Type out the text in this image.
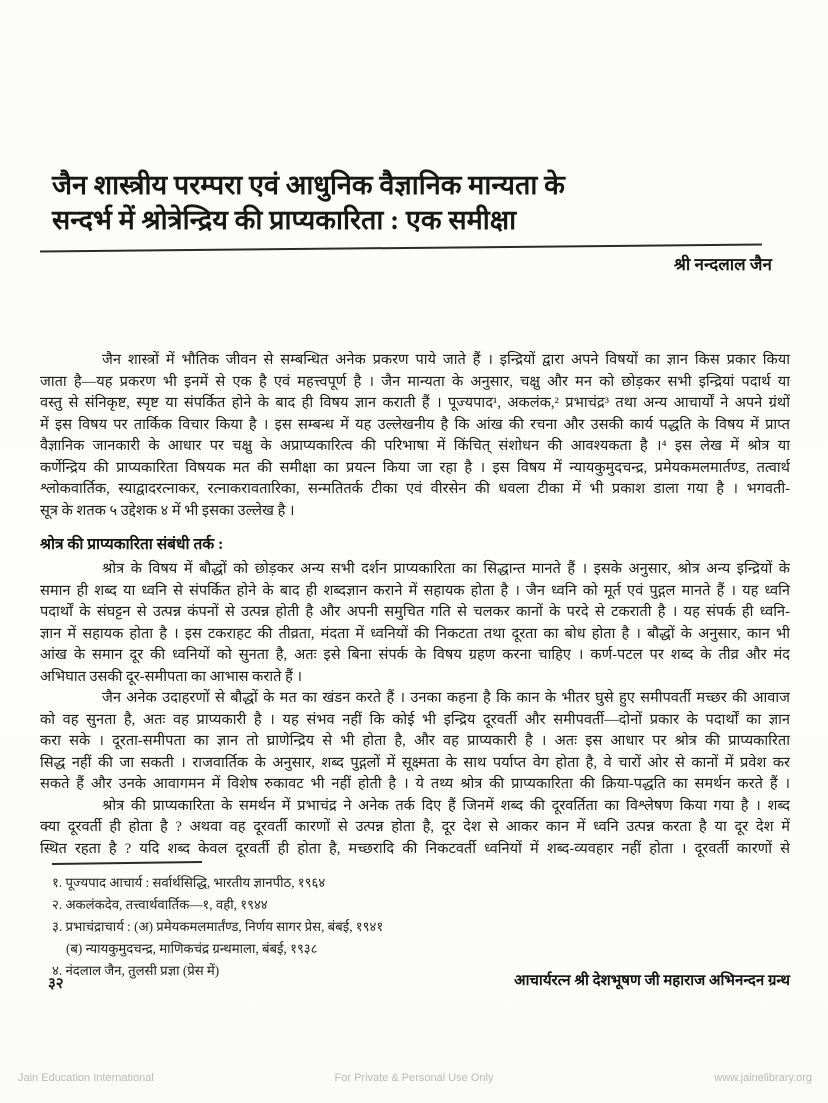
जैन शास्त्रीय परम्परा एवं आधुनिक वैज्ञानिक मान्यता के
सन्दर्भ में श्रोत्रेन्द्रिय की प्राप्यकारिता : एक समीक्षा
श्री नन्दलाल जैन
जैन शास्त्रों में भौतिक जीवन से सम्बन्धित अनेक प्रकरण पाये जाते हैं । इन्द्रियों द्वारा अपने विषयों का ज्ञान किस प्रकार किया
जाता है—यह प्रकरण भी इनमें से एक है एवं महत्त्वपूर्ण है । जैन मान्यता के अनुसार, चक्षु और मन को छोड़कर सभी इन्द्रियां पदार्थ या
वस्तु से संनिकृष्ट, स्पृष्ट या संपर्कित होने के बाद ही विषय ज्ञान कराती हैं । पूज्यपाद¹, अकलंक,² प्रभाचंद्र³ तथा अन्य आचार्यों ने अपने ग्रंथों
में इस विषय पर तार्किक विचार किया है । इस सम्बन्ध में यह उल्लेखनीय है कि आंख की रचना और उसकी कार्य पद्धति के विषय में प्राप्त
वैज्ञानिक जानकारी के आधार पर चक्षु के अप्राप्यकारित्व की परिभाषा में किंचित् संशोधन की आवश्यकता है ।⁴ इस लेख में श्रोत्र या
कर्णेन्द्रिय की प्राप्यकारिता विषयक मत की समीक्षा का प्रयत्न किया जा रहा है । इस विषय में न्यायकुमुदचन्द्र, प्रमेयकमलमार्तण्ड, तत्वार्थ
श्लोकवार्तिक, स्याद्वादरत्नाकर, रत्नाकरावतारिका, सन्मतितर्क टीका एवं वीरसेन की धवला टीका में भी प्रकाश डाला गया है । भगवती-
सूत्र के शतक ५ उद्देशक ४ में भी इसका उल्लेख है ।
श्रोत्र की प्राप्यकारिता संबंधी तर्क :
श्रोत्र के विषय में बौद्धों को छोड़कर अन्य सभी दर्शन प्राप्यकारिता का सिद्धान्त मानते हैं । इसके अनुसार, श्रोत्र अन्य इन्द्रियों के
समान ही शब्द या ध्वनि से संपर्कित होने के बाद ही शब्दज्ञान कराने में सहायक होता है । जैन ध्वनि को मूर्त एवं पुद्गल मानते हैं । यह ध्वनि
पदार्थों के संघट्टन से उत्पन्न कंपनों से उत्पन्न होती है और अपनी समुचित गति से चलकर कानों के परदे से टकराती है । यह संपर्क ही ध्वनि-
ज्ञान में सहायक होता है । इस टकराहट की तीव्रता, मंदता में ध्वनियों की निकटता तथा दूरता का बोध होता है । बौद्धों के अनुसार, कान भी
आंख के समान दूर की ध्वनियों को सुनता है, अतः इसे बिना संपर्क के विषय ग्रहण करना चाहिए । कर्ण-पटल पर शब्द के तीव्र और मंद
अभिघात उसकी दूर-समीपता का आभास कराते हैं ।
जैन अनेक उदाहरणों से बौद्धों के मत का खंडन करते हैं । उनका कहना है कि कान के भीतर घुसे हुए समीपवर्ती मच्छर की आवाज
को वह सुनता है, अतः वह प्राप्यकारी है । यह संभव नहीं कि कोई भी इन्द्रिय दूरवर्ती और समीपवर्ती—दोनों प्रकार के पदार्थों का ज्ञान
करा सके । दूरता-समीपता का ज्ञान तो घ्राणेन्द्रिय से भी होता है, और वह प्राप्यकारी है । अतः इस आधार पर श्रोत्र की प्राप्यकारिता
सिद्ध नहीं की जा सकती । राजवार्तिक के अनुसार, शब्द पुद्गलों में सूक्ष्मता के साथ पर्याप्त वेग होता है, वे चारों ओर से कानों में प्रवेश कर
सकते हैं और उनके आवागमन में विशेष रुकावट भी नहीं होती है । ये तथ्य श्रोत्र की प्राप्यकारिता की क्रिया-पद्धति का समर्थन करते हैं ।
श्रोत्र की प्राप्यकारिता के समर्थन में प्रभाचंद्र ने अनेक तर्क दिए हैं जिनमें शब्द की दूरवर्तिता का विश्लेषण किया गया है । शब्द
क्या दूरवर्ती ही होता है ? अथवा वह दूरवर्ती कारणों से उत्पन्न होता है, दूर देश से आकर कान में ध्वनि उत्पन्न करता है या दूर देश में
स्थित रहता है ? यदि शब्द केवल दूरवर्ती ही होता है, मच्छरादि की निकटवर्ती ध्वनियों में शब्द-व्यवहार नहीं होता । दूरवर्ती कारणों से
१. पूज्यपाद आचार्य : सर्वार्थसिद्धि, भारतीय ज्ञानपीठ, १९६४
२. अकलंकदेव, तत्त्वार्थवार्तिक—१, वही, १९४४
३. प्रभाचंद्राचार्य : (अ) प्रमेयकमलमार्तंण्ड, निर्णय सागर प्रेस, बंबई, १९४१
(ब) न्यायकुमुदचन्द्र, माणिकचंद्र ग्रन्थमाला, बंबई, १९३८
४. नंदलाल जैन, तुलसी प्रज्ञा (प्रेस में)
३२	आचार्यरत्न श्री देशभूषण जी महाराज अभिनन्दन ग्रन्थ
Jain Education International	For Private & Personal Use Only	www.jainelibrary.org
